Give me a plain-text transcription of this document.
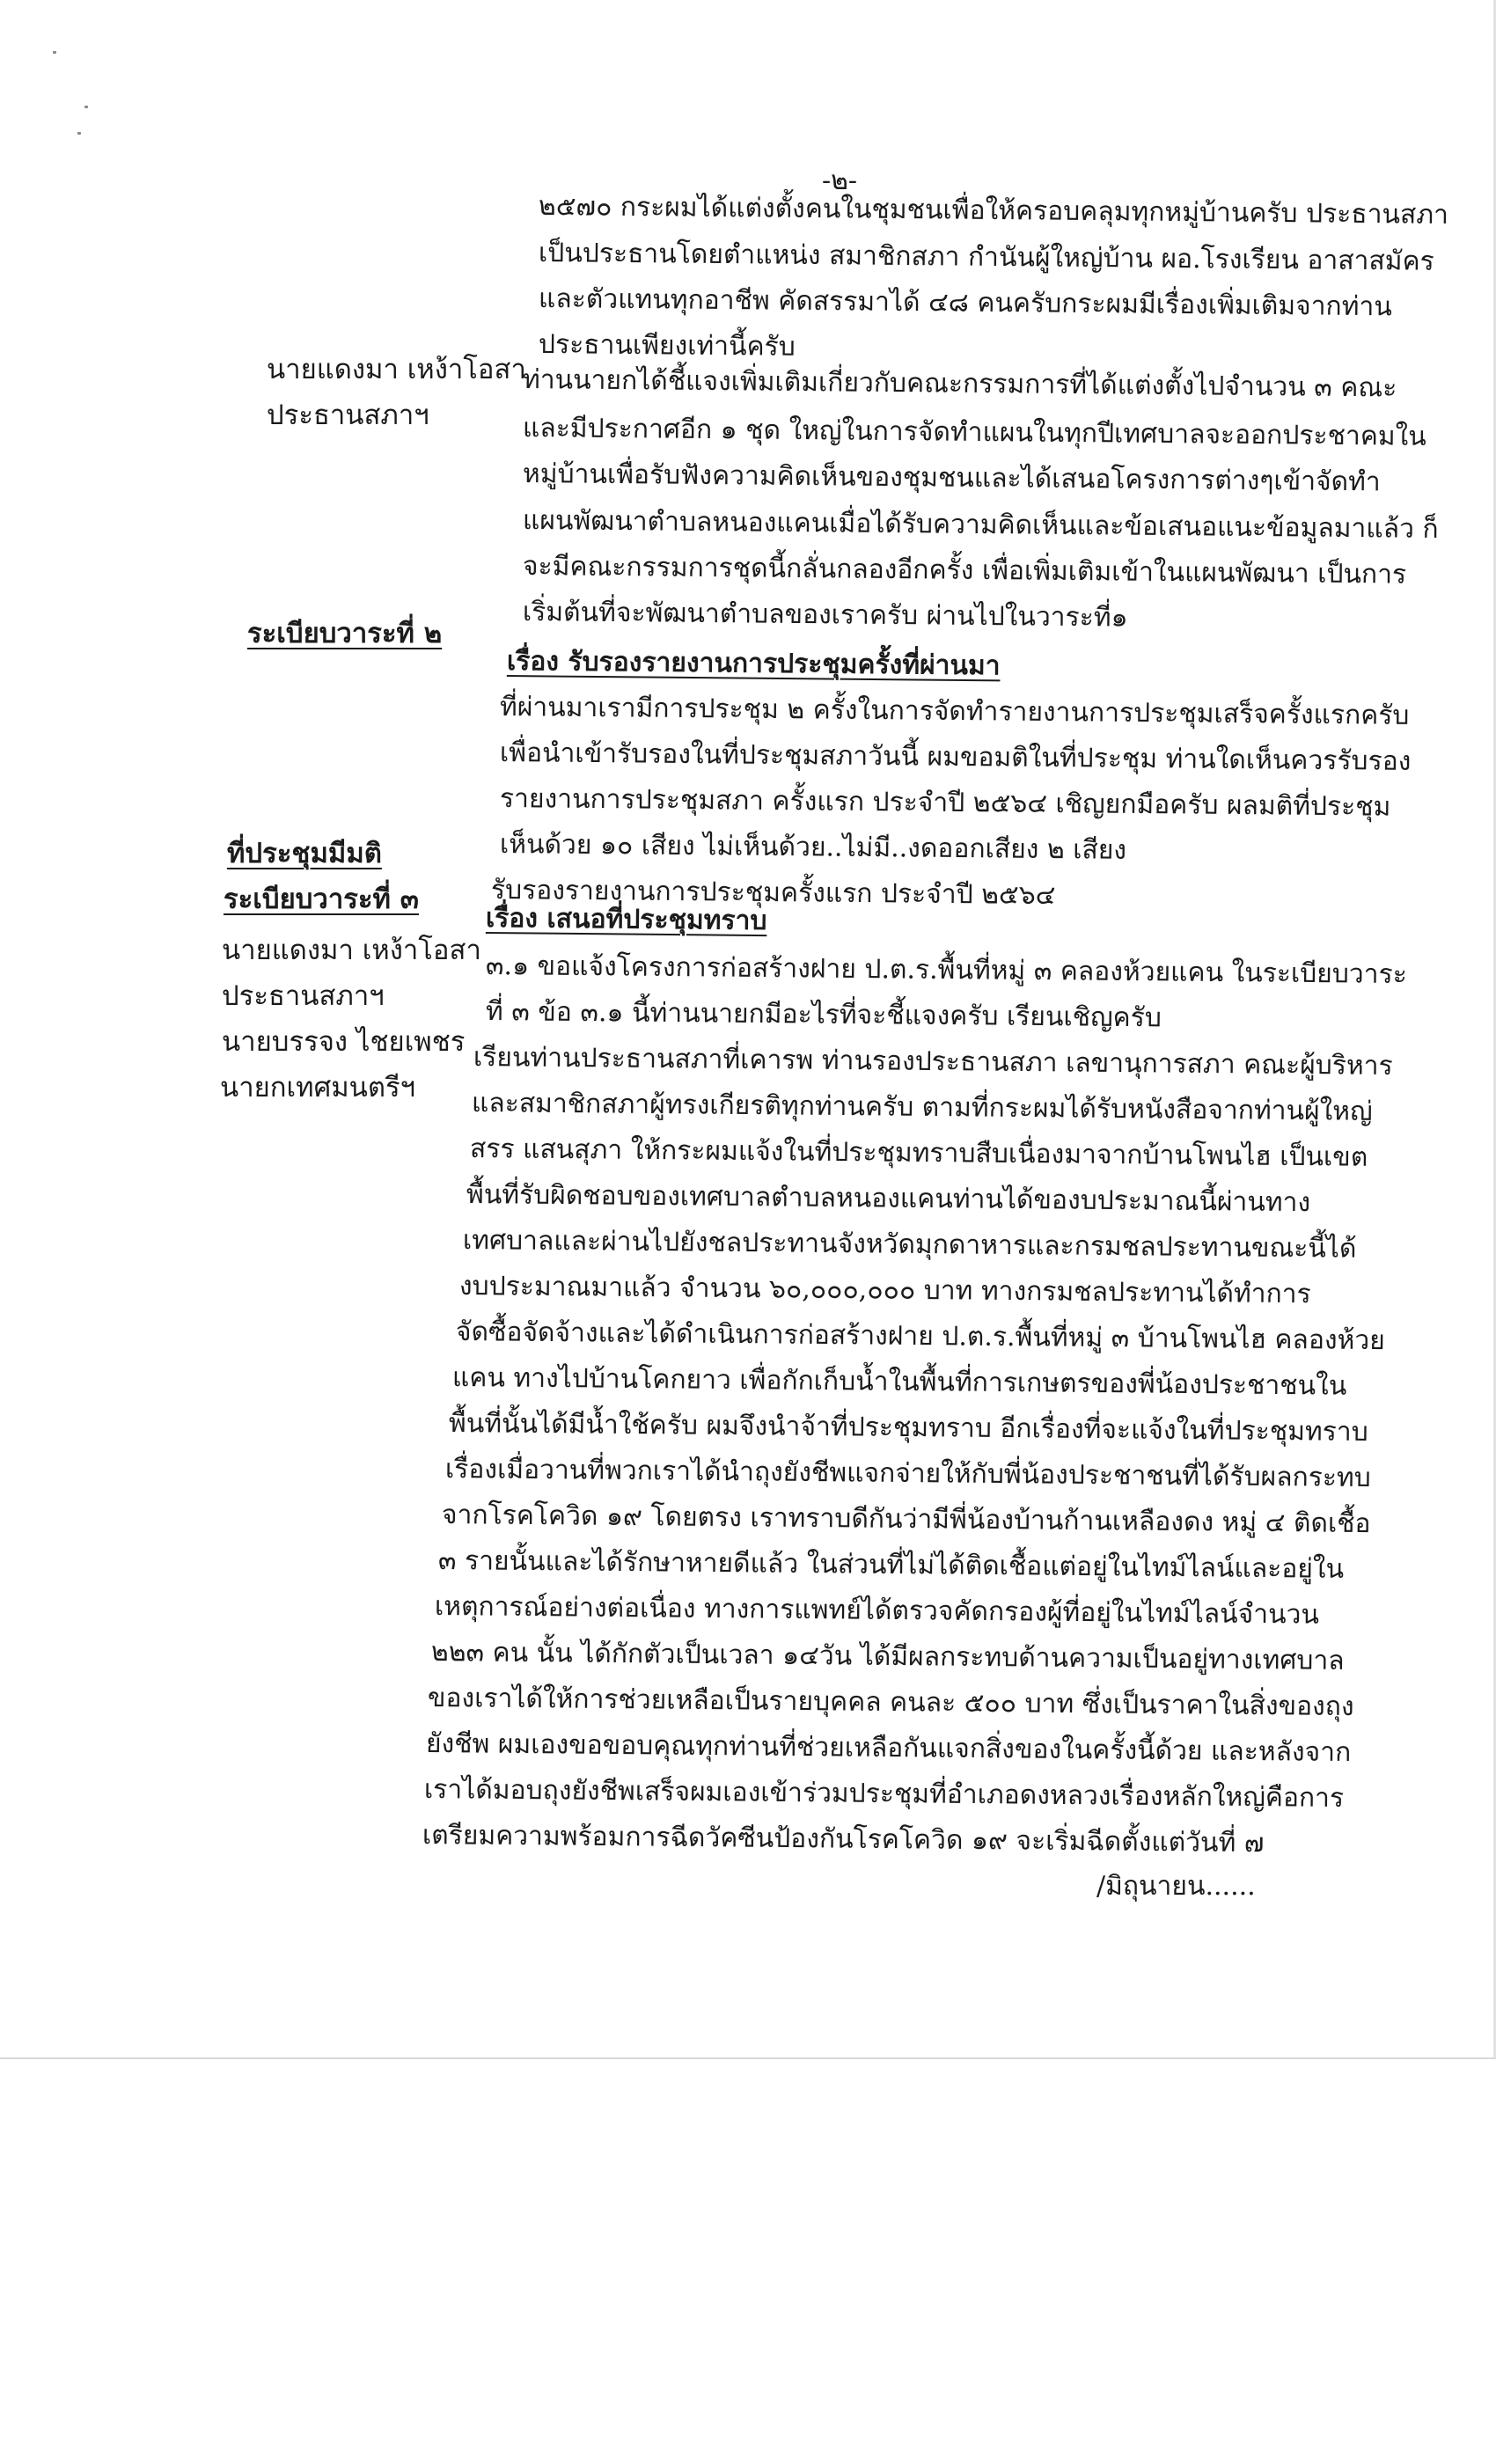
-๒-
๒๕๗๐ กระผมได้แต่งตั้งคนในชุมชนเพื่อให้ครอบคลุมทุกหมู่บ้านครับ ประธานสภา
เป็นประธานโดยตำแหน่ง สมาชิกสภา กำนันผู้ใหญ่บ้าน ผอ.โรงเรียน อาสาสมัคร
และตัวแทนทุกอาชีพ คัดสรรมาได้ ๔๘ คนครับกระผมมีเรื่องเพิ่มเติมจากท่าน
ประธานเพียงเท่านี้ครับ
นายแดงมา เหง้าโอสา
ประธานสภาฯ
ท่านนายกได้ชี้แจงเพิ่มเติมเกี่ยวกับคณะกรรมการที่ได้แต่งตั้งไปจำนวน ๓ คณะ
และมีประกาศอีก ๑ ชุด ใหญ่ในการจัดทำแผนในทุกปีเทศบาลจะออกประชาคมใน
หมู่บ้านเพื่อรับฟังความคิดเห็นของชุมชนและได้เสนอโครงการต่างๆเข้าจัดทำ
แผนพัฒนาตำบลหนองแคนเมื่อได้รับความคิดเห็นและข้อเสนอแนะข้อมูลมาแล้ว ก็
จะมีคณะกรรมการชุดนี้กลั่นกลองอีกครั้ง เพื่อเพิ่มเติมเข้าในแผนพัฒนา เป็นการ
เริ่มต้นที่จะพัฒนาตำบลของเราครับ ผ่านไปในวาระที่๑
ระเบียบวาระที่ ๒
เรื่อง รับรองรายงานการประชุมครั้งที่ผ่านมา
ที่ผ่านมาเรามีการประชุม ๒ ครั้งในการจัดทำรายงานการประชุมเสร็จครั้งแรกครับ
เพื่อนำเข้ารับรองในที่ประชุมสภาวันนี้ ผมขอมติในที่ประชุม ท่านใดเห็นควรรับรอง
รายงานการประชุมสภา ครั้งแรก ประจำปี ๒๕๖๔ เชิญยกมือครับ ผลมติที่ประชุม
เห็นด้วย ๑๐ เสียง ไม่เห็นด้วย..ไม่มี..งดออกเสียง ๒ เสียง
ที่ประชุมมีมติ
รับรองรายงานการประชุมครั้งแรก ประจำปี ๒๕๖๔
ระเบียบวาระที่ ๓
เรื่อง เสนอที่ประชุมทราบ
นายแดงมา เหง้าโอสา
ประธานสภาฯ
นายบรรจง ไชยเพชร
นายกเทศมนตรีฯ
๓.๑ ขอแจ้งโครงการก่อสร้างฝาย ป.ต.ร.พื้นที่หมู่ ๓ คลองห้วยแคน ในระเบียบวาระ
ที่ ๓ ข้อ ๓.๑ นี้ท่านนายกมีอะไรที่จะชี้แจงครับ เรียนเชิญครับ
เรียนท่านประธานสภาที่เคารพ ท่านรองประธานสภา เลขานุการสภา คณะผู้บริหาร
และสมาชิกสภาผู้ทรงเกียรติทุกท่านครับ ตามที่กระผมได้รับหนังสือจากท่านผู้ใหญ่
สรร แสนสุภา ให้กระผมแจ้งในที่ประชุมทราบสืบเนื่องมาจากบ้านโพนไฮ เป็นเขต
พื้นที่รับผิดชอบของเทศบาลตำบลหนองแคนท่านได้ของบประมาณนี้ผ่านทาง
เทศบาลและผ่านไปยังชลประทานจังหวัดมุกดาหารและกรมชลประทานขณะนี้ได้
งบประมาณมาแล้ว จำนวน ๖๐,๐๐๐,๐๐๐ บาท ทางกรมชลประทานได้ทำการ
จัดซื้อจัดจ้างและได้ดำเนินการก่อสร้างฝาย ป.ต.ร.พื้นที่หมู่ ๓ บ้านโพนไฮ คลองห้วย
แคน ทางไปบ้านโคกยาว เพื่อกักเก็บน้ำในพื้นที่การเกษตรของพี่น้องประชาชนใน
พื้นที่นั้นได้มีน้ำใช้ครับ ผมจึงนำจ้าที่ประชุมทราบ อีกเรื่องที่จะแจ้งในที่ประชุมทราบ
เรื่องเมื่อวานที่พวกเราได้นำถุงยังชีพแจกจ่ายให้กับพี่น้องประชาชนที่ได้รับผลกระทบ
จากโรคโควิด ๑๙ โดยตรง เราทราบดีกันว่ามีพี่น้องบ้านก้านเหลืองดง หมู่ ๔ ติดเชื้อ
๓ รายนั้นและได้รักษาหายดีแล้ว ในส่วนที่ไม่ได้ติดเชื้อแต่อยู่ในไทม์ไลน์และอยู่ใน
เหตุการณ์อย่างต่อเนื่อง ทางการแพทย์ได้ตรวจคัดกรองผู้ที่อยู่ในไทม์ไลน์จำนวน
๒๒๓ คน นั้น ได้กักตัวเป็นเวลา ๑๔วัน ได้มีผลกระทบด้านความเป็นอยู่ทางเทศบาล
ของเราได้ให้การช่วยเหลือเป็นรายบุคคล คนละ ๕๐๐ บาท ซึ่งเป็นราคาในสิ่งของถุง
ยังชีพ ผมเองขอขอบคุณทุกท่านที่ช่วยเหลือกันแจกสิ่งของในครั้งนี้ด้วย และหลังจาก
เราได้มอบถุงยังชีพเสร็จผมเองเข้าร่วมประชุมที่อำเภอดงหลวงเรื่องหลักใหญ่คือการ
เตรียมความพร้อมการฉีดวัคซีนป้องกันโรคโควิด ๑๙ จะเริ่มฉีดตั้งแต่วันที่ ๗
/มิถุนายน......
